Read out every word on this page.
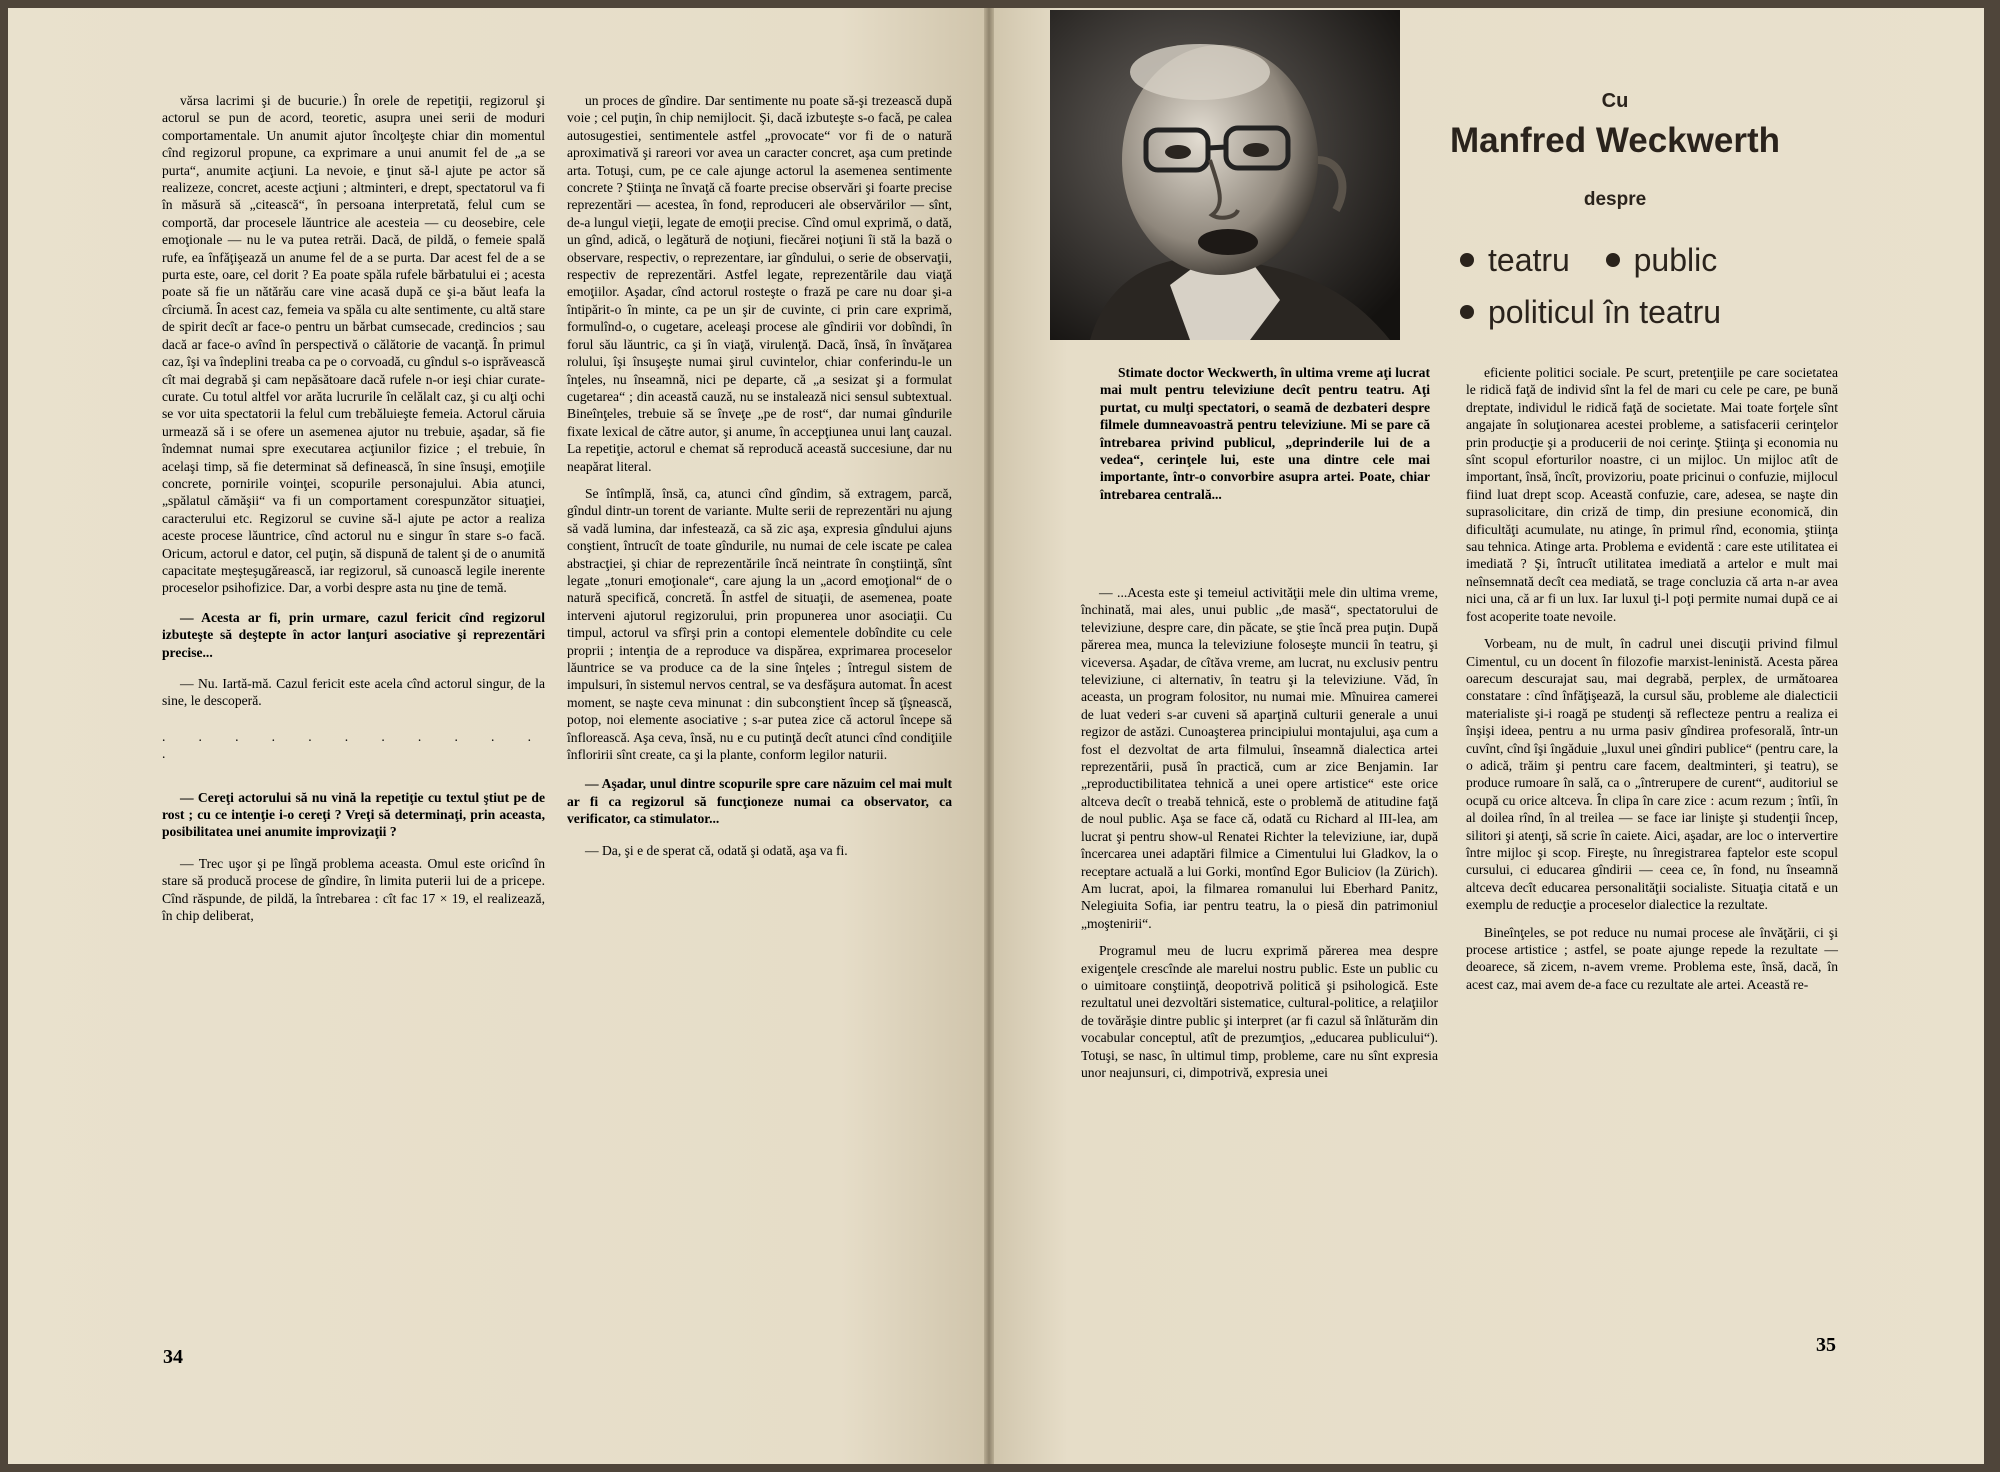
vărsa lacrimi şi de bucurie.) În orele de repetiţii, regizorul şi actorul se pun de acord, teoretic, asupra unei serii de moduri comportamentale. Un anumit ajutor încolţeşte chiar din momentul cînd regizorul propune, ca exprimare a unui anumit fel de „a se purta“, anumite acţiuni. La nevoie, e ţinut să-l ajute pe actor să realizeze, concret, aceste acţiuni ; altminteri, e drept, spectatorul va fi în măsură să „citească“, în persoana interpretată, felul cum se comportă, dar procesele lăuntrice ale acesteia — cu deosebire, cele emoţionale — nu le va putea retrăi. Dacă, de pildă, o femeie spală rufe, ea înfăţişează un anume fel de a se purta. Dar acest fel de a se purta este, oare, cel dorit ? Ea poate spăla rufele bărbatului ei ; acesta poate să fie un nătărău care vine acasă după ce şi-a băut leafa la cîrciumă. În acest caz, femeia va spăla cu alte sentimente, cu altă stare de spirit decît ar face-o pentru un bărbat cumsecade, credincios ; sau dacă ar face-o avînd în perspectivă o călătorie de vacanţă. În primul caz, îşi va îndeplini treaba ca pe o corvoadă, cu gîndul s-o isprăvească cît mai degrabă şi cam nepăsătoare dacă rufele n-or ieşi chiar curate-curate. Cu totul altfel vor arăta lucrurile în celălalt caz, şi cu alţi ochi se vor uita spectatorii la felul cum trebăluieşte femeia. Actorul căruia urmează să i se ofere un asemenea ajutor nu trebuie, aşadar, să fie îndemnat numai spre executarea acţiunilor fizice ; el trebuie, în acelaşi timp, să fie determinat să definească, în sine însuşi, emoţiile concrete, pornirile voinţei, scopurile personajului. Abia atunci, „spălatul cămăşii“ va fi un comportament corespunzător situaţiei, caracterului etc. Regizorul se cuvine să-l ajute pe actor a realiza aceste procese lăuntrice, cînd actorul nu e singur în stare s-o facă. Oricum, actorul e dator, cel puţin, să dispună de talent şi de o anumită capacitate meşteşugărească, iar regizorul, să cunoască legile inerente proceselor psihofizice. Dar, a vorbi despre asta nu ţine de temă.

— Acesta ar fi, prin urmare, cazul fericit cînd regizorul izbuteşte să deştepte în actor lanţuri asociative şi reprezentări precise...

— Nu. Iartă-mă. Cazul fericit este acela cînd actorul singur, de la sine, le descoperă.

. . . . . . . . . . . .

— Cereţi actorului să nu vină la repetiţie cu textul ştiut pe de rost ; cu ce intenţie i-o cereţi ? Vreţi să determinaţi, prin aceasta, posibilitatea unei anumite improvizaţii ?

— Trec uşor şi pe lîngă problema aceasta. Omul este oricînd în stare să producă procese de gîndire, în limita puterii lui de a pricepe. Cînd răspunde, de pildă, la întrebarea : cît fac 17 × 19, el realizează, în chip deliberat,

un proces de gîndire. Dar sentimente nu poate să-şi trezească după voie ; cel puţin, în chip nemijlocit. Şi, dacă izbuteşte s-o facă, pe calea autosugestiei, sentimentele astfel „provocate“ vor fi de o natură aproximativă şi rareori vor avea un caracter concret, aşa cum pretinde arta. Totuşi, cum, pe ce cale ajunge actorul la asemenea sentimente concrete ? Ştiinţa ne învaţă că foarte precise observări şi foarte precise reprezentări — acestea, în fond, reproduceri ale observărilor — sînt, de-a lungul vieţii, legate de emoţii precise. Cînd omul exprimă, o dată, un gînd, adică, o legătură de noţiuni, fiecărei noţiuni îi stă la bază o observare, respectiv, o reprezentare, iar gîndului, o serie de observaţii, respectiv de reprezentări. Astfel legate, reprezentările dau viaţă emoţiilor. Aşadar, cînd actorul rosteşte o frază pe care nu doar şi-a întipărit-o în minte, ca pe un şir de cuvinte, ci prin care exprimă, formulînd-o, o cugetare, aceleaşi procese ale gîndirii vor dobîndi, în forul său lăuntric, ca şi în viaţă, virulenţă. Dacă, însă, în învăţarea rolului, îşi însuşeşte numai şirul cuvintelor, chiar conferindu-le un înţeles, nu înseamnă, nici pe departe, că „a sesizat şi a formulat cugetarea“ ; din această cauză, nu se instalează nici sensul subtextual. Bineînţeles, trebuie să se înveţe „pe de rost“, dar numai gîndurile fixate lexical de către autor, şi anume, în accepţiunea unui lanţ cauzal. La repetiţie, actorul e chemat să reproducă această succesiune, dar nu neapărat literal.

Se întîmplă, însă, ca, atunci cînd gîndim, să extragem, parcă, gîndul dintr-un torent de variante. Multe serii de reprezentări nu ajung să vadă lumina, dar infestează, ca să zic aşa, expresia gîndului ajuns conştient, întrucît de toate gîndurile, nu numai de cele iscate pe calea abstracţiei, şi chiar de reprezentările încă neintrate în conştiinţă, sînt legate „tonuri emoţionale“, care ajung la un „acord emoţional“ de o natură specifică, concretă. În astfel de situaţii, de asemenea, poate interveni ajutorul regizorului, prin propunerea unor asociaţii. Cu timpul, actorul va sfîrşi prin a contopi elementele dobîndite cu cele proprii ; intenţia de a reproduce va dispărea, exprimarea proceselor lăuntrice se va produce ca de la sine înţeles ; întregul sistem de impulsuri, în sistemul nervos central, se va desfăşura automat. În acest moment, se naşte ceva minunat : din subconştient încep să ţîşnească, potop, noi elemente asociative ; s-ar putea zice că actorul începe să înflorească. Aşa ceva, însă, nu e cu putinţă decît atunci cînd condiţiile înfloririi sînt create, ca şi la plante, conform legilor naturii.

— Aşadar, unul dintre scopurile spre care năzuim cel mai mult ar fi ca regizorul să funcţioneze numai ca observator, ca verificator, ca stimulator...

— Da, şi e de sperat că, odată şi odată, aşa va fi.

34
Cu
Manfred Weckwerth
despre
teatru public
politicul în teatru

Stimate doctor Weckwerth, în ultima vreme aţi lucrat mai mult pentru televiziune decît pentru teatru. Aţi purtat, cu mulţi spectatori, o seamă de dezbateri despre filmele dumneavoastră pentru televiziune. Mi se pare că întrebarea privind publicul, „deprinderile lui de a vedea“, cerinţele lui, este una dintre cele mai importante, într-o convorbire asupra artei. Poate, chiar întrebarea centrală...

— ...Acesta este şi temeiul activităţii mele din ultima vreme, închinată, mai ales, unui public „de masă“, spectatorului de televiziune, despre care, din păcate, se ştie încă prea puţin. După părerea mea, munca la televiziune foloseşte muncii în teatru, şi viceversa. Aşadar, de cîtăva vreme, am lucrat, nu exclusiv pentru televiziune, ci alternativ, în teatru şi la televiziune. Văd, în aceasta, un program folositor, nu numai mie. Mînuirea camerei de luat vederi s-ar cuveni să aparţină culturii generale a unui regizor de astăzi. Cunoaşterea principiului montajului, aşa cum a fost el dezvoltat de arta filmului, înseamnă dialectica artei reprezentării, pusă în practică, cum ar zice Benjamin. Iar „reproductibilitatea tehnică a unei opere artistice“ este orice altceva decît o treabă tehnică, este o problemă de atitudine faţă de noul public. Aşa se face că, odată cu Richard al III-lea, am lucrat şi pentru show-ul Renatei Richter la televiziune, iar, după încercarea unei adaptări filmice a Cimentului lui Gladkov, la o receptare actuală a lui Gorki, montînd Egor Buliciov (la Zürich). Am lucrat, apoi, la filmarea romanului lui Eberhard Panitz, Nelegiuita Sofia, iar pentru teatru, la o piesă din patrimoniul „moştenirii“.

Programul meu de lucru exprimă părerea mea despre exigenţele crescînde ale marelui nostru public. Este un public cu o uimitoare conştiinţă, deopotrivă politică şi psihologică. Este rezultatul unei dezvoltări sistematice, cultural-politice, a relaţiilor de tovărăşie dintre public şi interpret (ar fi cazul să înlăturăm din vocabular conceptul, atît de prezumţios, „educarea publicului“). Totuşi, se nasc, în ultimul timp, probleme, care nu sînt expresia unor neajunsuri, ci, dimpotrivă, expresia unei

eficiente politici sociale. Pe scurt, pretenţiile pe care societatea le ridică faţă de individ sînt la fel de mari cu cele pe care, pe bună dreptate, individul le ridică faţă de societate. Mai toate forţele sînt angajate în soluţionarea acestei probleme, a satisfacerii cerinţelor prin producţie şi a producerii de noi cerinţe. Ştiinţa şi economia nu sînt scopul eforturilor noastre, ci un mijloc. Un mijloc atît de important, însă, încît, provizoriu, poate pricinui o confuzie, mijlocul fiind luat drept scop. Această confuzie, care, adesea, se naşte din suprasolicitare, din criză de timp, din presiune economică, din dificultăţi acumulate, nu atinge, în primul rînd, economia, ştiinţa sau tehnica. Atinge arta. Problema e evidentă : care este utilitatea ei imediată ? Şi, întrucît utilitatea imediată a artelor e mult mai neînsemnată decît cea mediată, se trage concluzia că arta n-ar avea nici una, că ar fi un lux. Iar luxul ţi-l poţi permite numai după ce ai fost acoperite toate nevoile.

Vorbeam, nu de mult, în cadrul unei discuţii privind filmul Cimentul, cu un docent în filozofie marxist-leninistă. Acesta părea oarecum descurajat sau, mai degrabă, perplex, de următoarea constatare : cînd înfăţişează, la cursul său, probleme ale dialecticii materialiste şi-i roagă pe studenţi să reflecteze pentru a realiza ei înşişi ideea, pentru a nu urma pasiv gîndirea profesorală, într-un cuvînt, cînd îşi îngăduie „luxul unei gîndiri publice“ (pentru care, la o adică, trăim şi pentru care facem, dealtminteri, şi teatru), se produce rumoare în sală, ca o „întrerupere de curent“, auditoriul se ocupă cu orice altceva. În clipa în care zice : acum rezum ; întîi, în al doilea rînd, în al treilea — se face iar linişte şi studenţii încep, silitori şi atenţi, să scrie în caiete. Aici, aşadar, are loc o intervertire între mijloc şi scop. Fireşte, nu înregistrarea faptelor este scopul cursului, ci educarea gîndirii — ceea ce, în fond, nu înseamnă altceva decît educarea personalităţii socialiste. Situaţia citată e un exemplu de reducţie a proceselor dialectice la rezultate.

Bineînţeles, se pot reduce nu numai procese ale învăţării, ci şi procese artistice ; astfel, se poate ajunge repede la rezultate — deoarece, să zicem, n-avem vreme. Problema este, însă, dacă, în acest caz, mai avem de-a face cu rezultate ale artei. Această re-

35
